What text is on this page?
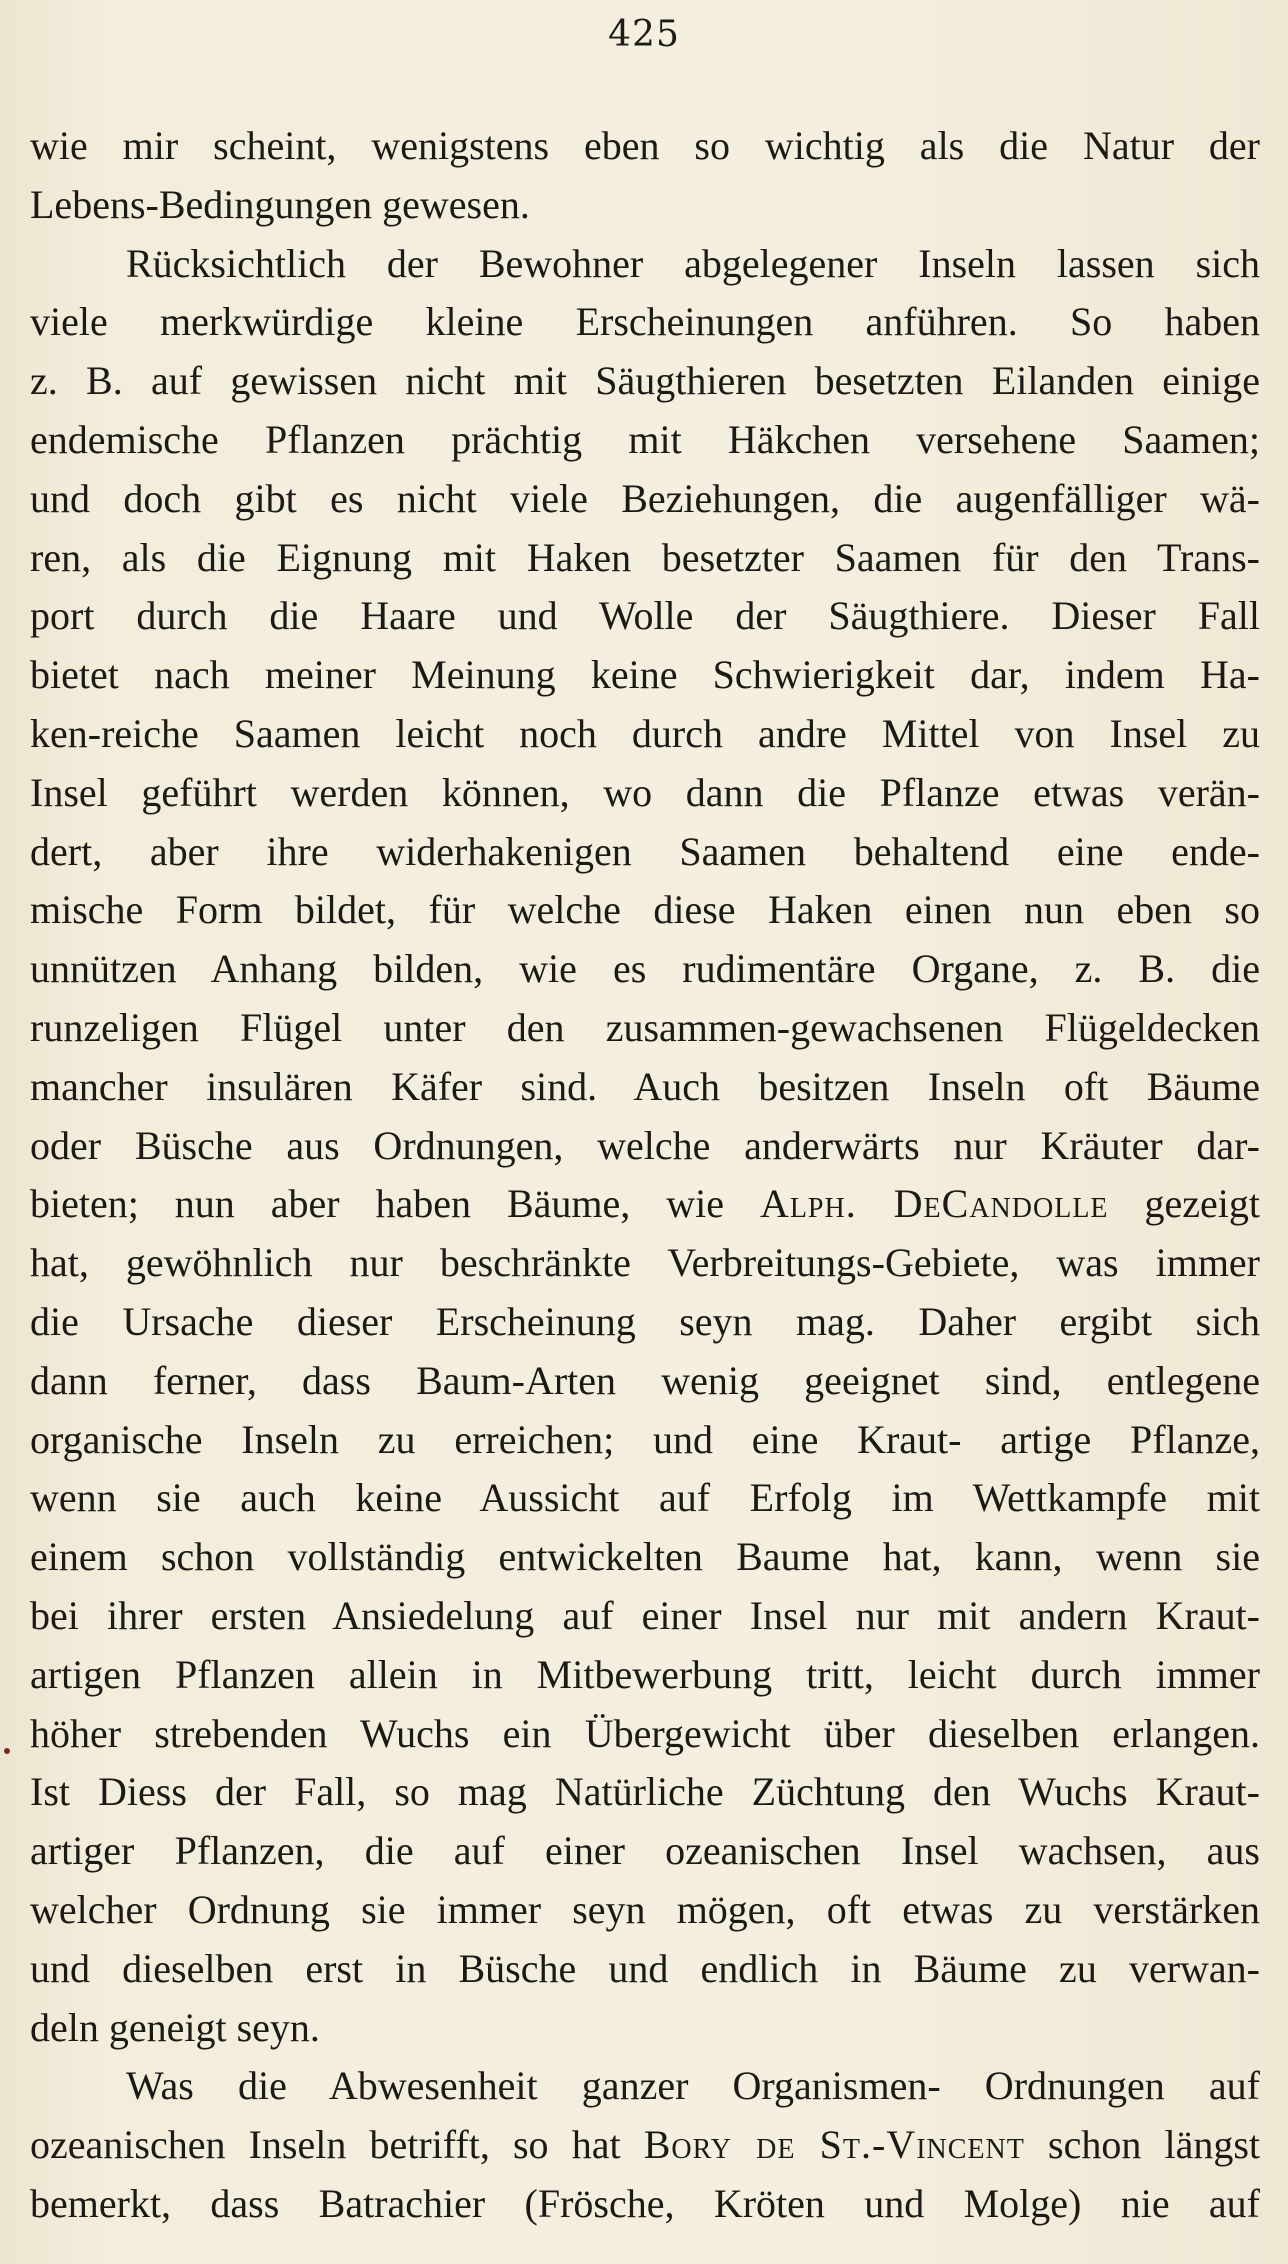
425
wie mir scheint, wenigstens eben so wichtig als die Natur der
Lebens-Bedingungen gewesen.
Rücksichtlich der Bewohner abgelegener Inseln lassen sich
viele merkwürdige kleine Erscheinungen anführen. So haben
z. B. auf gewissen nicht mit Säugthieren besetzten Eilanden einige
endemische Pflanzen prächtig mit Häkchen versehene Saamen;
und doch gibt es nicht viele Beziehungen, die augenfälliger wä-
ren, als die Eignung mit Haken besetzter Saamen für den Trans-
port durch die Haare und Wolle der Säugthiere. Dieser Fall
bietet nach meiner Meinung keine Schwierigkeit dar, indem Ha-
ken-reiche Saamen leicht noch durch andre Mittel von Insel zu
Insel geführt werden können, wo dann die Pflanze etwas verän-
dert, aber ihre widerhakenigen Saamen behaltend eine ende-
mische Form bildet, für welche diese Haken einen nun eben so
unnützen Anhang bilden, wie es rudimentäre Organe, z. B. die
runzeligen Flügel unter den zusammen-gewachsenen Flügeldecken
mancher insulären Käfer sind. Auch besitzen Inseln oft Bäume
oder Büsche aus Ordnungen, welche anderwärts nur Kräuter dar-
bieten; nun aber haben Bäume, wie Alph. DeCandolle gezeigt
hat, gewöhnlich nur beschränkte Verbreitungs-Gebiete, was immer
die Ursache dieser Erscheinung seyn mag. Daher ergibt sich
dann ferner, dass Baum-Arten wenig geeignet sind, entlegene
organische Inseln zu erreichen; und eine Kraut- artige Pflanze,
wenn sie auch keine Aussicht auf Erfolg im Wettkampfe mit
einem schon vollständig entwickelten Baume hat, kann, wenn sie
bei ihrer ersten Ansiedelung auf einer Insel nur mit andern Kraut-
artigen Pflanzen allein in Mitbewerbung tritt, leicht durch immer
höher strebenden Wuchs ein Übergewicht über dieselben erlangen.
Ist Diess der Fall, so mag Natürliche Züchtung den Wuchs Kraut-
artiger Pflanzen, die auf einer ozeanischen Insel wachsen, aus
welcher Ordnung sie immer seyn mögen, oft etwas zu verstärken
und dieselben erst in Büsche und endlich in Bäume zu verwan-
deln geneigt seyn.
Was die Abwesenheit ganzer Organismen- Ordnungen auf
ozeanischen Inseln betrifft, so hat Bory de St.-Vincent schon längst
bemerkt, dass Batrachier (Frösche, Kröten und Molge) nie auf
